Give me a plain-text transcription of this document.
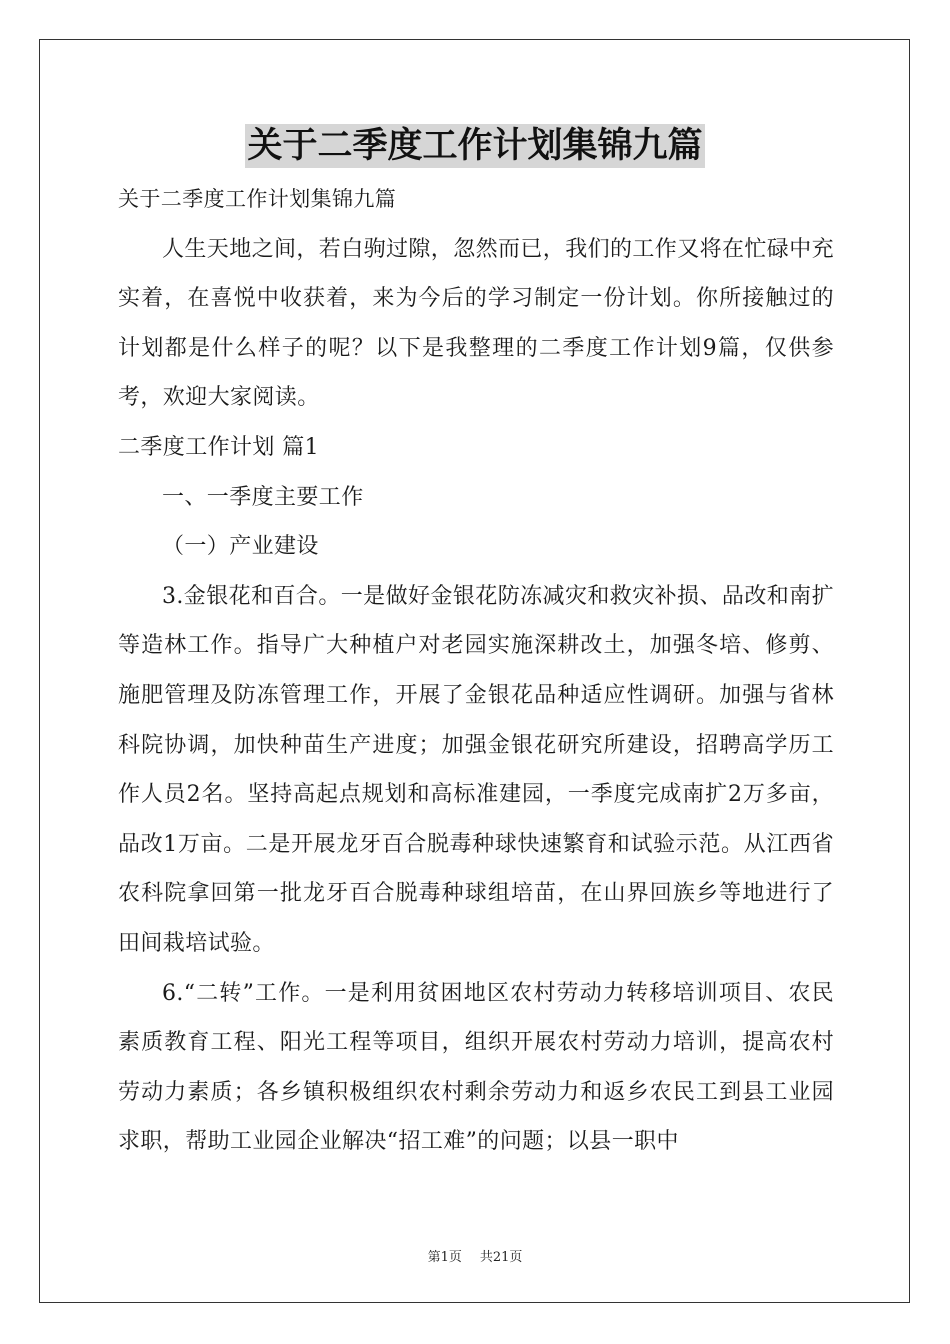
关于二季度工作计划集锦九篇

关于二季度工作计划集锦九篇

人生天地之间，若白驹过隙，忽然而已，我们的工作又将在忙碌中充实着，在喜悦中收获着，来为今后的学习制定一份计划。你所接触过的计划都是什么样子的呢？以下是我整理的二季度工作计划9篇，仅供参考，欢迎大家阅读。

二季度工作计划 篇1

一、一季度主要工作

（一）产业建设

3.金银花和百合。一是做好金银花防冻减灾和救灾补损、品改和南扩等造林工作。指导广大种植户对老园实施深耕改土，加强冬培、修剪、施肥管理及防冻管理工作，开展了金银花品种适应性调研。加强与省林科院协调，加快种苗生产进度；加强金银花研究所建设，招聘高学历工作人员2名。坚持高起点规划和高标准建园，一季度完成南扩2万多亩，品改1万亩。二是开展龙牙百合脱毒种球快速繁育和试验示范。从江西省农科院拿回第一批龙牙百合脱毒种球组培苗，在山界回族乡等地进行了田间栽培试验。

6.“二转”工作。一是利用贫困地区农村劳动力转移培训项目、农民素质教育工程、阳光工程等项目，组织开展农村劳动力培训，提高农村劳动力素质；各乡镇积极组织农村剩余劳动力和返乡农民工到县工业园求职，帮助工业园企业解决“招工难”的问题；以县一职中

第1页 共21页
